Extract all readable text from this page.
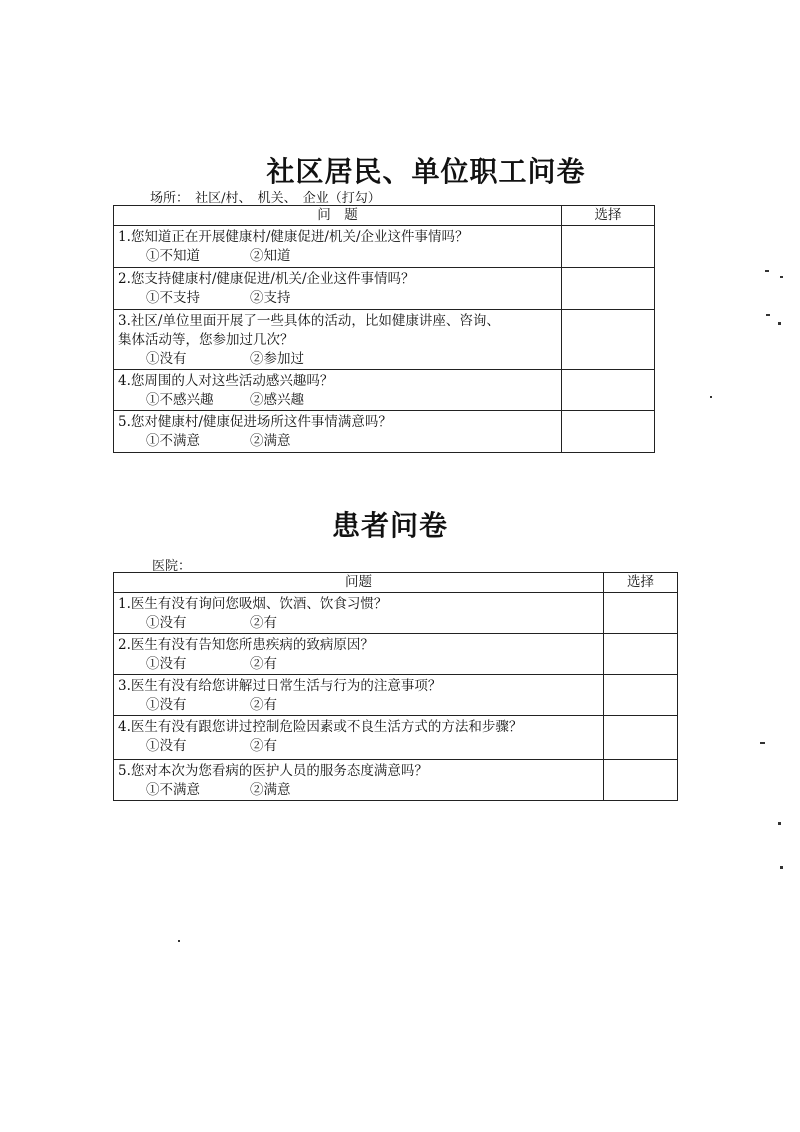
社区居民、单位职工问卷
场所： 社区/村、 机关、 企业（打勾）
问　题	选择

1.您知道正在开展健康村/健康促进/机关/企业这件事情吗？
①不知道 ②知道	

2.您支持健康村/健康促进/机关/企业这件事情吗？
①不支持 ②支持	

3.社区/单位里面开展了一些具体的活动，比如健康讲座、咨询、
集体活动等，您参加过几次？
①没有 ②参加过	

4.您周围的人对这些活动感兴趣吗？
①不感兴趣 ②感兴趣	

5.您对健康村/健康促进场所这件事情满意吗？
①不满意 ②满意	

患者问卷
医院：
问题	选择

1.医生有没有询问您吸烟、饮酒、饮食习惯？
①没有 ②有	

2.医生有没有告知您所患疾病的致病原因？
①没有 ②有	

3.医生有没有给您讲解过日常生活与行为的注意事项？
①没有 ②有	

4.医生有没有跟您讲过控制危险因素或不良生活方式的方法和步骤？
①没有 ②有	

5.您对本次为您看病的医护人员的服务态度满意吗？
①不满意 ②满意	
